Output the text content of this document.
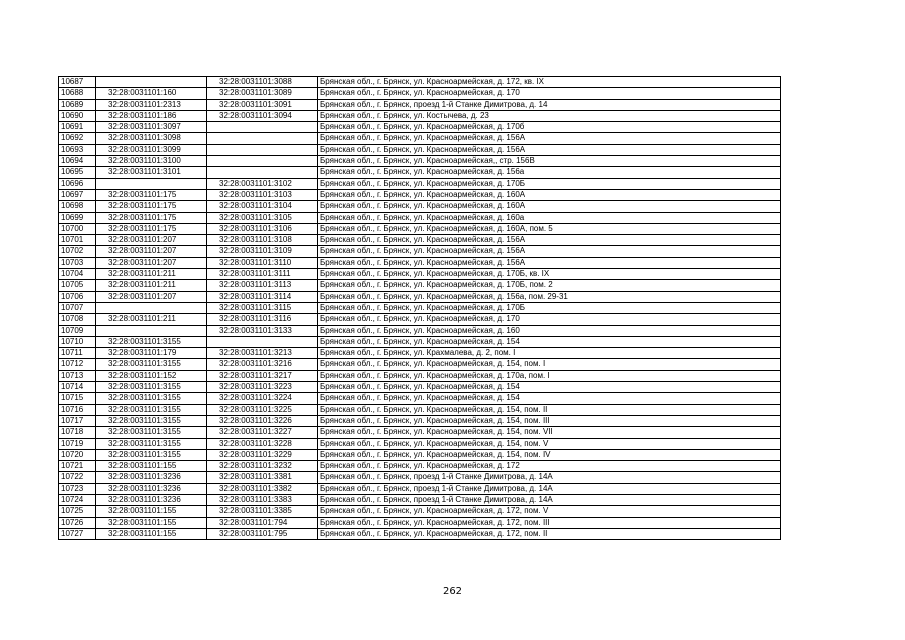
10687		32:28:0031101:3088	Брянская обл., г. Брянск, ул. Красноармейская, д. 172, кв. IX
10688	32:28:0031101:160	32:28:0031101:3089	Брянская обл., г. Брянск, ул. Красноармейская, д. 170
10689	32:28:0031101:2313	32:28:0031101:3091	Брянская обл., г. Брянск, проезд 1-й Станке Димитрова, д. 14
10690	32:28:0031101:186	32:28:0031101:3094	Брянская обл., г. Брянск, ул. Костычева, д. 23
10691	32:28:0031101:3097		Брянская обл., г. Брянск, ул. Красноармейская, д. 170б
10692	32:28:0031101:3098		Брянская обл., г. Брянск, ул. Красноармейская, д. 156А
10693	32:28:0031101:3099		Брянская обл., г. Брянск, ул. Красноармейская, д. 156А
10694	32:28:0031101:3100		Брянская обл., г. Брянск, ул. Красноармейская,, стр. 156В
10695	32:28:0031101:3101		Брянская обл., г. Брянск, ул. Красноармейская, д. 156а
10696		32:28:0031101:3102	Брянская обл., г. Брянск, ул. Красноармейская, д. 170Б
10697	32:28:0031101:175	32:28:0031101:3103	Брянская обл., г. Брянск, ул. Красноармейская, д. 160А
10698	32:28:0031101:175	32:28:0031101:3104	Брянская обл., г. Брянск, ул. Красноармейская, д. 160А
10699	32:28:0031101:175	32:28:0031101:3105	Брянская обл., г. Брянск, ул. Красноармейская, д. 160а
10700	32:28:0031101:175	32:28:0031101:3106	Брянская обл., г. Брянск, ул. Красноармейская, д. 160А, пом. 5
10701	32:28:0031101:207	32:28:0031101:3108	Брянская обл., г. Брянск, ул. Красноармейская, д. 156А
10702	32:28:0031101:207	32:28:0031101:3109	Брянская обл., г. Брянск, ул. Красноармейская, д. 156А
10703	32:28:0031101:207	32:28:0031101:3110	Брянская обл., г. Брянск, ул. Красноармейская, д. 156А
10704	32:28:0031101:211	32:28:0031101:3111	Брянская обл., г. Брянск, ул. Красноармейская, д. 170Б, кв. IX
10705	32:28:0031101:211	32:28:0031101:3113	Брянская обл., г. Брянск, ул. Красноармейская, д. 170Б, пом. 2
10706	32:28:0031101:207	32:28:0031101:3114	Брянская обл., г. Брянск, ул. Красноармейская, д. 156а, пом. 29-31
10707		32:28:0031101:3115	Брянская обл., г. Брянск, ул. Красноармейская, д. 170Б
10708	32:28:0031101:211	32:28:0031101:3116	Брянская обл., г. Брянск, ул. Красноармейская, д. 170
10709		32:28:0031101:3133	Брянская обл., г. Брянск, ул. Красноармейская, д. 160
10710	32:28:0031101:3155		Брянская обл., г. Брянск, ул. Красноармейская, д. 154
10711	32:28:0031101:179	32:28:0031101:3213	Брянская обл., г. Брянск, ул. Крахмалева, д. 2, пом. I
10712	32:28:0031101:3155	32:28:0031101:3216	Брянская обл., г. Брянск, ул. Красноармейская, д. 154, пом. I
10713	32:28:0031101:152	32:28:0031101:3217	Брянская обл., г. Брянск, ул. Красноармейская, д. 170а, пом. I
10714	32:28:0031101:3155	32:28:0031101:3223	Брянская обл., г. Брянск, ул. Красноармейская, д. 154
10715	32:28:0031101:3155	32:28:0031101:3224	Брянская обл., г. Брянск, ул. Красноармейская, д. 154
10716	32:28:0031101:3155	32:28:0031101:3225	Брянская обл., г. Брянск, ул. Красноармейская, д. 154, пом. II
10717	32:28:0031101:3155	32:28:0031101:3226	Брянская обл., г. Брянск, ул. Красноармейская, д. 154, пом. III
10718	32:28:0031101:3155	32:28:0031101:3227	Брянская обл., г. Брянск, ул. Красноармейская, д. 154, пом. VII
10719	32:28:0031101:3155	32:28:0031101:3228	Брянская обл., г. Брянск, ул. Красноармейская, д. 154, пом. V
10720	32:28:0031101:3155	32:28:0031101:3229	Брянская обл., г. Брянск, ул. Красноармейская, д. 154, пом. IV
10721	32:28:0031101:155	32:28:0031101:3232	Брянская обл., г. Брянск, ул. Красноармейская, д. 172
10722	32:28:0031101:3236	32:28:0031101:3381	Брянская обл., г. Брянск, проезд 1-й Станке Димитрова, д. 14А
10723	32:28:0031101:3236	32:28:0031101:3382	Брянская обл., г. Брянск, проезд 1-й Станке Димитрова, д. 14А
10724	32:28:0031101:3236	32:28:0031101:3383	Брянская обл., г. Брянск, проезд 1-й Станке Димитрова, д. 14А
10725	32:28:0031101:155	32:28:0031101:3385	Брянская обл., г. Брянск, ул. Красноармейская, д. 172, пом. V
10726	32:28:0031101:155	32:28:0031101:794	Брянская обл., г. Брянск, ул. Красноармейская, д. 172, пом. III
10727	32:28:0031101:155	32:28:0031101:795	Брянская обл., г. Брянск, ул. Красноармейская, д. 172, пом. II
262
